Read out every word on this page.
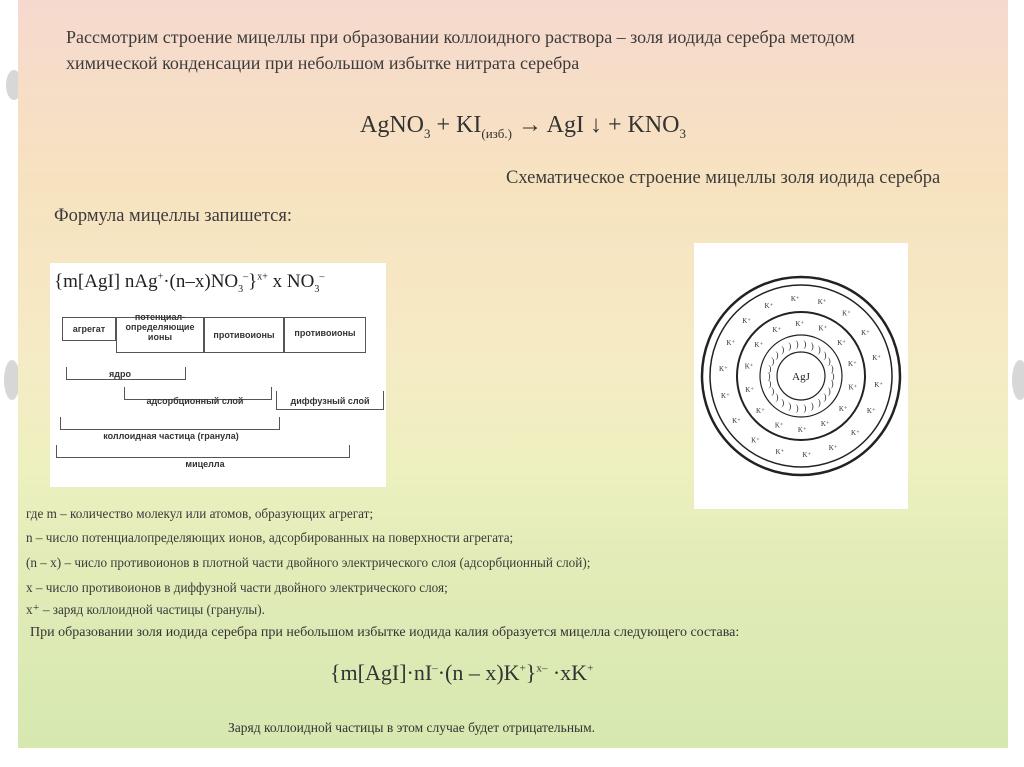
Рассмотрим строение мицеллы при образовании коллоидного раствора – золя иодида серебра методом
химической конденсации при небольшом избытке нитрата серебра
AgNO$_3$ + $KI_{(изб.)}$ → AgI ↓ + $KNO_3$
Схематическое строение мицеллы золя иодида серебра
Формула мицеллы запишется:
{m[AgI] $nAg^+\cdot(n-x)NO_3^-\}^{x+}$ x $NO_3^-$
агрегат
потенциал-
определяющие
ионы	противоионы	противоионы
ядро
адсорбционный слой	диффузный слой
коллоидная частица (гранула)
мицелла
)
)
)
)
)
)
)
)
)
)
)
)
)
)
)
)
)
) ) ) ) ) )
)
)
)
K⁺
K⁺
K⁺
K⁺
K⁺
K⁺
K⁺
K⁺
K⁺
K⁺
K⁺
K⁺
K⁺
K⁺
K⁺
K⁺
K⁺
K⁺
K⁺
K⁺
K⁺
K⁺
K⁺
K⁺
K⁺
K⁺
K⁺
K⁺	K⁺
K⁺
K⁺
K⁺
AgJ
где m – количество молекул или атомов, образующих агрегат;
n – число потенциалопределяющих ионов, адсорбированных на поверхности агрегата;
(n – x) – число противоионов в плотной части двойного электрического слоя (адсорбционный слой);
x – число противоионов в диффузной части двойного электрического слоя;
x⁺ – заряд коллоидной частицы (гранулы).
При образовании золя иодида серебра при небольшом избытке иодида калия образуется мицелла следующего состава:
$\{m[AgI]\cdot nI^-\cdot(n - x)K^+\}^{x-} \cdot xK^+$
Заряд коллоидной частицы в этом случае будет отрицательным.
